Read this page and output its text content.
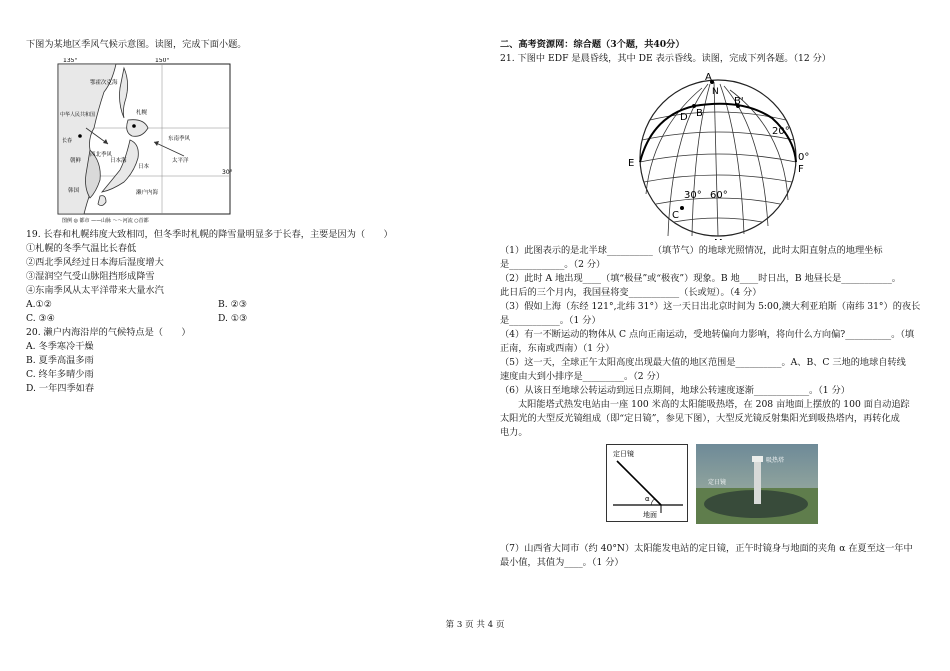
下图为某地区季风气候示意图。读图，完成下面小题。
135°	150°
30°
鄂霍次克海
中华人民共和国	札幌
长春
西北季风
日本海
日本
东南季风
太平洋
朝鲜
韩国	濑户内海
图例 ◎ 都市 ——山脉 ～～河流 ○首都
19. 长春和札幌纬度大致相同，但冬季时札幌的降雪量明显多于长春，主要是因为（　　）
①札幌的冬季气温比长春低
②西北季风经过日本海后湿度增大
③湿润空气受山脉阻挡形成降雪
④东南季风从太平洋带来大量水汽
A.①②	B. ②③
C. ③④	D. ①③
20. 濑户内海沿岸的气候特点是（　　）
A. 冬季寒冷干燥
B. 夏季高温多雨
C. 终年多晴少雨
D. 一年四季如春
二、高考资源网：综合题（3个题，共40分）
21. 下图中 EDF 是晨昏线，其中 DE 表示昏线。读图，完成下列各题。（12 分）
A
N
B
D
B'
E
F
C
20°
0°
30° 60°
（1）此图表示的是北半球__________（填节气）的地球光照情况，此时太阳直射点的地理坐标
是____________。（2 分）
（2）此时 A 地出现____（填“极昼”或“极夜”）现象。B 地____时日出，B 地昼长是___________。
此日后的三个月内，我国昼将变___________（长或短）。（4 分）
（3）假如上海（东经 121°,北纬 31°）这一天日出北京时间为 5:00,澳大利亚珀斯（南纬 31°）的夜长
是___________。（1 分）
（4）有一不断运动的物体从 C 点向正南运动，受地转偏向力影响，将向什么方向偏?__________。（填
正南，东南或西南）（1 分）
（5）这一天，全球正午太阳高度出现最大值的地区范围是__________。A、B、C 三地的地球自转线
速度由大到小排序是_________。（2 分）
（6）从该日至地球公转运动到远日点期间，地球公转速度逐渐____________。（1 分）
太阳能塔式热发电站由一座 100 米高的太阳能吸热塔，在 208 亩地面上摆放的 100 面自动追踪
太阳光的大型反光镜组成（即“定日镜”，参见下图），大型反光镜反射集阳光到吸热塔内，再转化成
电力。
定日镜
地面
α
吸热塔
定日镜
（7）山西省大同市（约 40°N）太阳能发电站的定日镜，正午时镜身与地面的夹角 α 在夏至这一年中
最小值，其值为____。（1 分）
第 3 页 共 4 页
